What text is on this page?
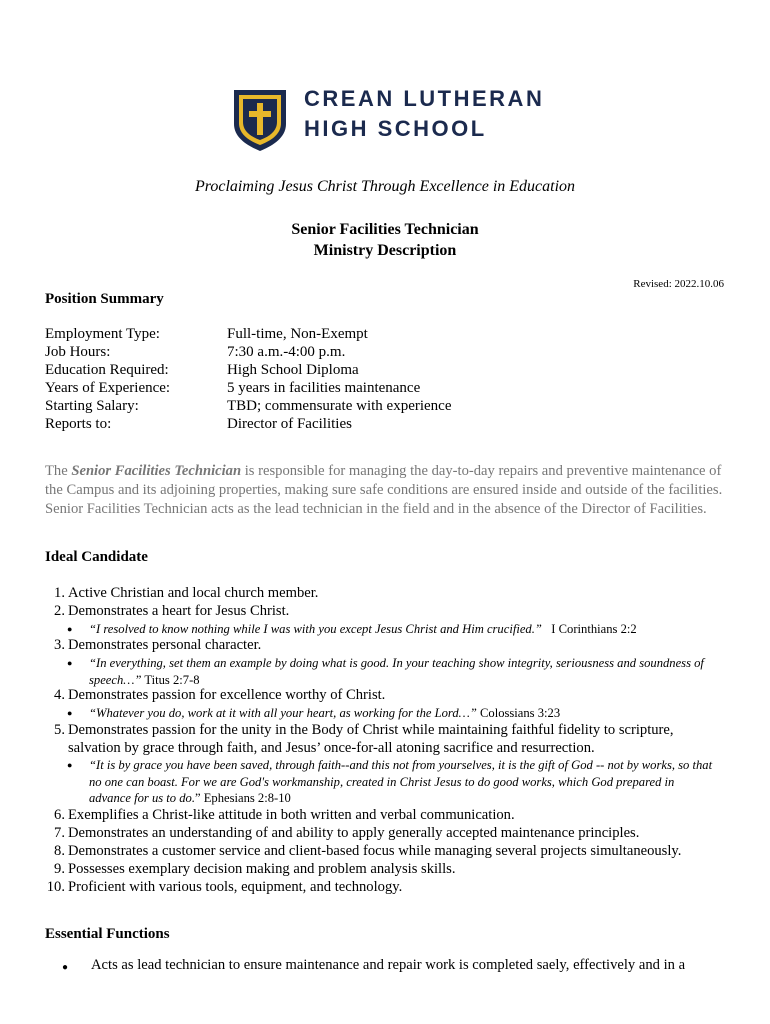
CREAN LUTHERAN
HIGH SCHOOL
Proclaiming Jesus Christ Through Excellence in Education
Senior Facilities Technician
Ministry Description
Revised: 2022.10.06
Position Summary
Employment Type:	Full-time, Non-Exempt
Job Hours:	7:30 a.m.-4:00 p.m.
Education Required:	High School Diploma
Years of Experience:	5 years in facilities maintenance
Starting Salary:	TBD; commensurate with experience
Reports to:	Director of Facilities
The Senior Facilities Technician is responsible for managing the day-to-day repairs and preventive maintenance of the Campus and its adjoining properties, making sure safe conditions are ensured inside and outside of the facilities. Senior Facilities Technician acts as the lead technician in the field and in the absence of the Director of Facilities.
Ideal Candidate
1. Active Christian and local church member.
2. Demonstrates a heart for Jesus Christ.
● “I resolved to know nothing while I was with you except Jesus Christ and Him crucified.”   I Corinthians 2:2
3. Demonstrates personal character.
● “In everything, set them an example by doing what is good. In your teaching show integrity, seriousness and soundness of speech…” Titus 2:7-8
4. Demonstrates passion for excellence worthy of Christ.
● “Whatever you do, work at it with all your heart, as working for the Lord…” Colossians 3:23
5. Demonstrates passion for the unity in the Body of Christ while maintaining faithful fidelity to scripture, salvation by grace through faith, and Jesus’ once-for-all atoning sacrifice and resurrection.
● “It is by grace you have been saved, through faith--and this not from yourselves, it is the gift of God -- not by works, so that no one can boast. For we are God's workmanship, created in Christ Jesus to do good works, which God prepared in advance for us to do.” Ephesians 2:8-10
6. Exemplifies a Christ-like attitude in both written and verbal communication.
7. Demonstrates an understanding of and ability to apply generally accepted maintenance principles.
8. Demonstrates a customer service and client-based focus while managing several projects simultaneously.
9. Possesses exemplary decision making and problem analysis skills.
10. Proficient with various tools, equipment, and technology.
Essential Functions
● Acts as lead technician to ensure maintenance and repair work is completed saely, effectively and in a
